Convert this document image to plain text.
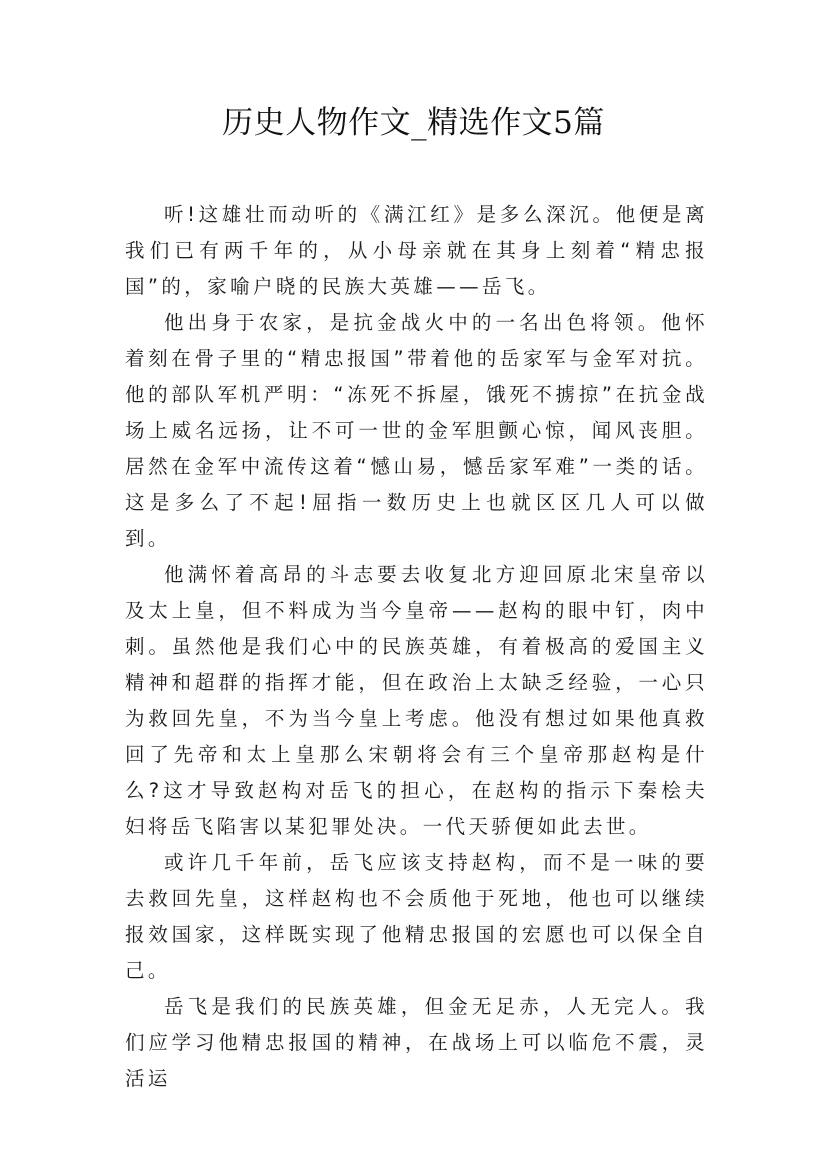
历史人物作文_精选作文5篇

听!这雄壮而动听的《满江红》是多么深沉。他便是离我们已有两千年的，从小母亲就在其身上刻着“精忠报国”的，家喻户晓的民族大英雄——岳飞。

他出身于农家，是抗金战火中的一名出色将领。他怀着刻在骨子里的“精忠报国”带着他的岳家军与金军对抗。他的部队军机严明：“冻死不拆屋，饿死不掳掠”在抗金战场上威名远扬，让不可一世的金军胆颤心惊，闻风丧胆。居然在金军中流传这着“憾山易，憾岳家军难”一类的话。这是多么了不起!屈指一数历史上也就区区几人可以做到。

他满怀着高昂的斗志要去收复北方迎回原北宋皇帝以及太上皇，但不料成为当今皇帝——赵构的眼中钉，肉中刺。虽然他是我们心中的民族英雄，有着极高的爱国主义精神和超群的指挥才能，但在政治上太缺乏经验，一心只为救回先皇，不为当今皇上考虑。他没有想过如果他真救回了先帝和太上皇那么宋朝将会有三个皇帝那赵构是什么?这才导致赵构对岳飞的担心，在赵构的指示下秦桧夫妇将岳飞陷害以某犯罪处决。一代天骄便如此去世。

或许几千年前，岳飞应该支持赵构，而不是一味的要去救回先皇，这样赵构也不会质他于死地，他也可以继续报效国家，这样既实现了他精忠报国的宏愿也可以保全自己。

岳飞是我们的民族英雄，但金无足赤，人无完人。我们应学习他精忠报国的精神，在战场上可以临危不震，灵活运
